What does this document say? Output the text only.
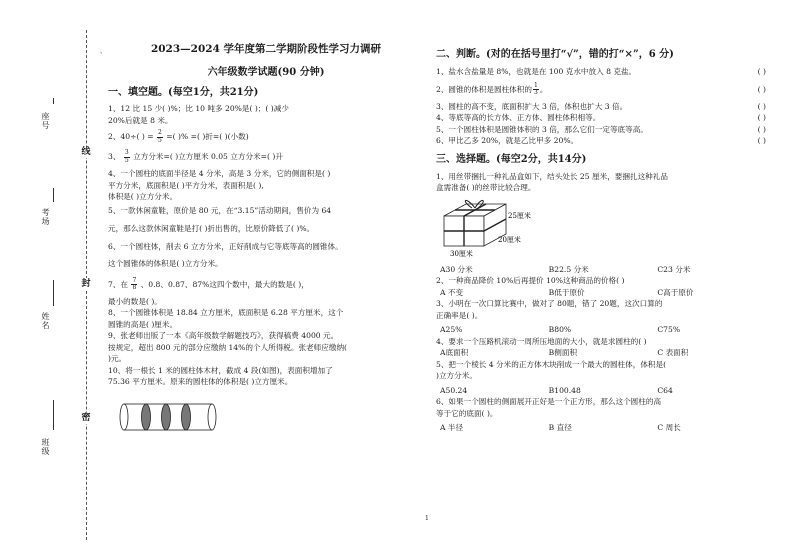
座号
考场
姓名
班级
线
封
密
、	2023—2024 学年度第二学期阶段性学习力调研
六年级数学试题(90 分钟)
一、填空题。(每空1分，共21分)
1、12 比 15 少( )%；比 10 吨多 20%是( )；( )减少
20%后就是 8 米。
2、40÷( ) = $\frac{2}{5}$ =( )% =( )折=( )(小数)
3、 $\frac{3}{5}$ 立方分米=( )立方厘米 0.05 立方分米=( )升
4、一个圆柱的底面半径是 4 分米，高是 3 分米，它的侧面积是( )
平方分米，底面积是( )平方分米，表面积是( ),
体积是( )立方分米。
5、一款休闲童鞋，原价是 80 元，在“3.15”活动期间，售价为 64
元，那么这款休闲童鞋是打( )折出售的，比原价降低了( )%。
6、一个圆柱体，削去 6 立方分米，正好削成与它等底等高的圆锥体。
这个圆锥体的体积是( )立方分米。
7、在 $\frac{7}{8}$ 、0.8、0.87、87%这四个数中，最大的数是( )，
最小的数是( )。
8、一个圆锥体积是 18.84 立方厘米，底面积是 6.28 平方厘米，这个
圆锥的高是( )厘米。
9、张老师出版了一本《高年级数学解题技巧》，获得稿费 4000 元。
按规定，超出 800 元的部分应缴纳 14%的个人所得税。张老师应缴纳(
)元。
10、将一根长 1 米的圆柱体木材，截成 4 段(如图)，表面积增加了
75.36 平方厘米。原来的圆柱体的体积是( )立方厘米。
二、判断。(对的在括号里打“√”，错的打“×”，6 分)
1、盐水含盐量是 8%，也就是在 100 克水中放入 8 克盐。	( )
2、圆锥的体积是圆柱体积的 $\frac{1}{3}$ 。	( )
3、圆柱的高不变，底面积扩大 3 倍，体积也扩大 3 倍。	( )
4、等底等高的长方体、正方体、圆柱体积相等。	( )
5、一个圆柱体积是圆锥体积的 3 倍，那么它们一定等底等高。	( )
6、甲比乙多 20%，就是乙比甲多 20%。	( )
三、选择题。(每空2分，共14分)
1、用丝带捆扎一种礼品盒如下，结头处长 25 厘米，要捆扎这种礼品
盒需准备( )的丝带比较合理。
25厘米
20厘米
30厘米
A30 分米	B22.5 分米	C23 分米
2、一种商品降价 10%后再提价 10%这种商品的价格( )
A 不变	B低于原价	C高于原价
3、小明在一次口算比赛中，做对了 80题，错了 20题，这次口算的
正确率是( )。
A25%	B80%	C75%
4、要求一个压路机滚动一周所压地面的大小，就是求圆柱的( )
A底面积	B侧面积	C 表面积
5、把一个棱长 4 分米的正方体木块削成一个最大的圆柱体，体积是(
)立方分米。
A50.24	B100.48	C64
6、如果一个圆柱的侧面展开正好是一个正方形，那么这个圆柱的高
等于它的底面( )。
A 半径	B 直径	C 周长
1
